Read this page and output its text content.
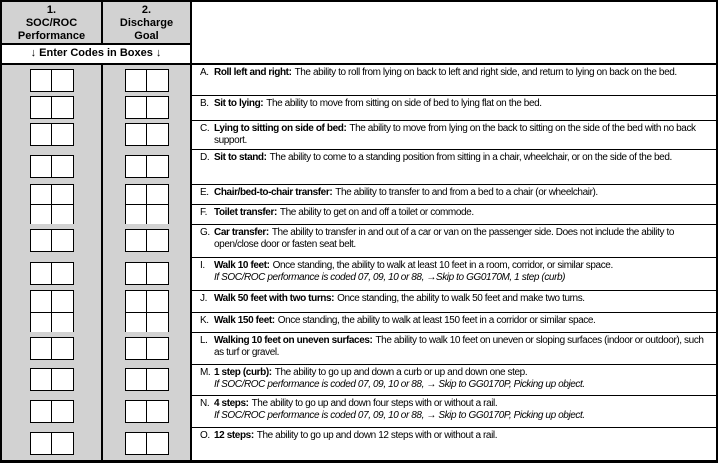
1.
SOC/ROC
Performance
2.
Discharge
Goal
↓ Enter Codes in Boxes ↓
A. Roll left and right: The ability to roll from lying on back to left and right side, and return to lying on back on the bed.
B. Sit to lying: The ability to move from sitting on side of bed to lying flat on the bed.
C. Lying to sitting on side of bed: The ability to move from lying on the back to sitting on the side of the bed with no back support.
D. Sit to stand: The ability to come to a standing position from sitting in a chair, wheelchair, or on the side of the bed.
E. Chair/bed-to-chair transfer: The ability to transfer to and from a bed to a chair (or wheelchair).
F. Toilet transfer: The ability to get on and off a toilet or commode.
G. Car transfer: The ability to transfer in and out of a car or van on the passenger side. Does not include the ability to open/close door or fasten seat belt.
I. Walk 10 feet: Once standing, the ability to walk at least 10 feet in a room, corridor, or similar space.
If SOC/ROC performance is coded 07, 09, 10 or 88, →Skip to GG0170M, 1 step (curb)
J. Walk 50 feet with two turns: Once standing, the ability to walk 50 feet and make two turns.
K. Walk 150 feet: Once standing, the ability to walk at least 150 feet in a corridor or similar space.
L. Walking 10 feet on uneven surfaces: The ability to walk 10 feet on uneven or sloping surfaces (indoor or outdoor), such as turf or gravel.
M. 1 step (curb): The ability to go up and down a curb or up and down one step.
If SOC/ROC performance is coded 07, 09, 10 or 88, → Skip to GG0170P, Picking up object.
N. 4 steps: The ability to go up and down four steps with or without a rail.
If SOC/ROC performance is coded 07, 09, 10 or 88, → Skip to GG0170P, Picking up object.
O. 12 steps: The ability to go up and down 12 steps with or without a rail.
